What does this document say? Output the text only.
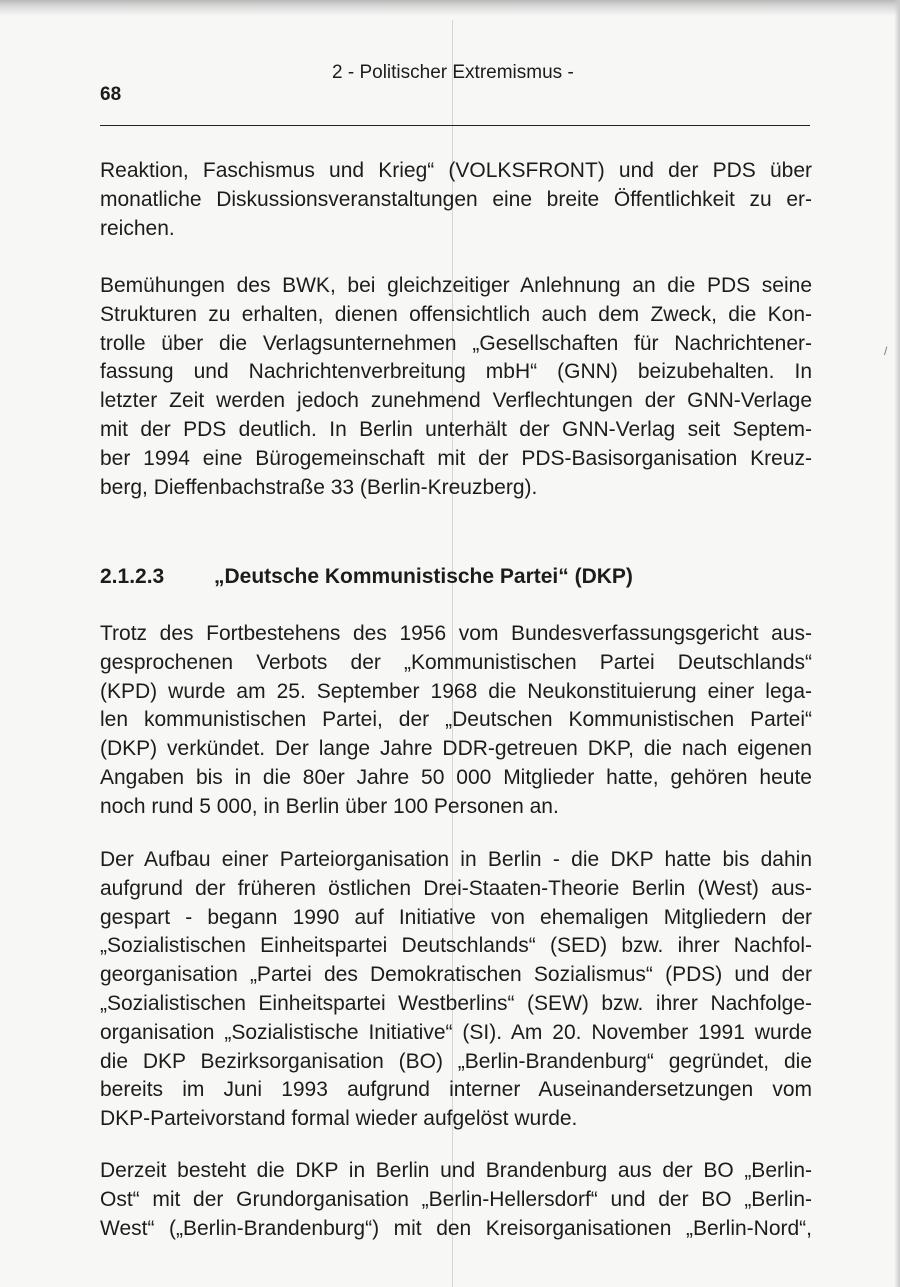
68

2 - Politischer Extremismus -

Reaktion, Faschismus und Krieg“ (VOLKSFRONT) und der PDS über
monatliche Diskussionsveranstaltungen eine breite Öffentlichkeit zu er-
reichen.

Bemühungen des BWK, bei gleichzeitiger Anlehnung an die PDS seine
Strukturen zu erhalten, dienen offensichtlich auch dem Zweck, die Kon-
trolle über die Verlagsunternehmen „Gesellschaften für Nachrichtener-
fassung und Nachrichtenverbreitung mbH“ (GNN) beizubehalten. In
letzter Zeit werden jedoch zunehmend Verflechtungen der GNN-Verlage
mit der PDS deutlich. In Berlin unterhält der GNN-Verlag seit Septem-
ber 1994 eine Bürogemeinschaft mit der PDS-Basisorganisation Kreuz-
berg, Dieffenbachstraße 33 (Berlin-Kreuzberg).

2.1.2.3 „Deutsche Kommunistische Partei“ (DKP)

Trotz des Fortbestehens des 1956 vom Bundesverfassungsgericht aus-
gesprochenen Verbots der „Kommunistischen Partei Deutschlands“
(KPD) wurde am 25. September 1968 die Neukonstituierung einer lega-
len kommunistischen Partei, der „Deutschen Kommunistischen Partei“
(DKP) verkündet. Der lange Jahre DDR-getreuen DKP, die nach eigenen
Angaben bis in die 80er Jahre 50 000 Mitglieder hatte, gehören heute
noch rund 5 000, in Berlin über 100 Personen an.

Der Aufbau einer Parteiorganisation in Berlin - die DKP hatte bis dahin
aufgrund der früheren östlichen Drei-Staaten-Theorie Berlin (West) aus-
gespart - begann 1990 auf Initiative von ehemaligen Mitgliedern der
„Sozialistischen Einheitspartei Deutschlands“ (SED) bzw. ihrer Nachfol-
georganisation „Partei des Demokratischen Sozialismus“ (PDS) und der
„Sozialistischen Einheitspartei Westberlins“ (SEW) bzw. ihrer Nachfolge-
organisation „Sozialistische Initiative“ (SI). Am 20. November 1991 wurde
die DKP Bezirksorganisation (BO) „Berlin-Brandenburg“ gegründet, die
bereits im Juni 1993 aufgrund interner Auseinandersetzungen vom
DKP-Parteivorstand formal wieder aufgelöst wurde.

Derzeit besteht die DKP in Berlin und Brandenburg aus der BO „Berlin-
Ost“ mit der Grundorganisation „Berlin-Hellersdorf“ und der BO „Berlin-
West“ („Berlin-Brandenburg“) mit den Kreisorganisationen „Berlin-Nord“,

/
